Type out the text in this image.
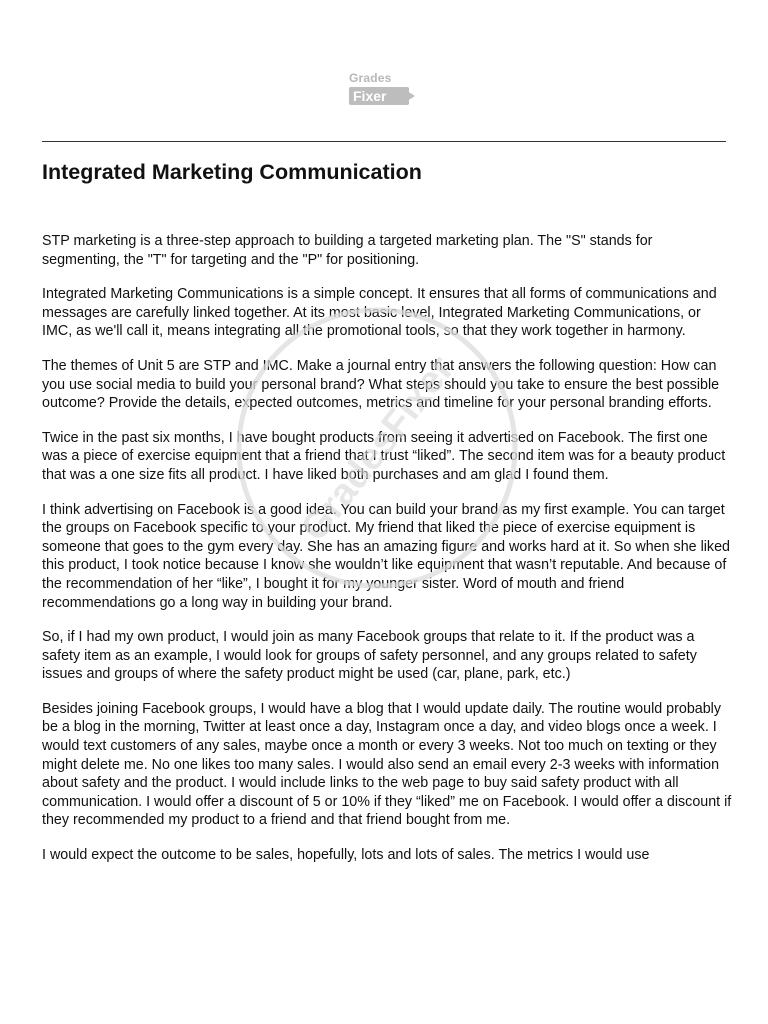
Grades
Fixer
Integrated Marketing Communication

STP marketing is a three-step approach to building a targeted marketing plan. The "S" stands for segmenting, the "T" for targeting and the "P" for positioning.

Integrated Marketing Communications is a simple concept. It ensures that all forms of communications and messages are carefully linked together. At its most basic level, Integrated Marketing Communications, or IMC, as we'll call it, means integrating all the promotional tools, so that they work together in harmony.

The themes of Unit 5 are STP and IMC. Make a journal entry that answers the following question: How can you use social media to build your personal brand? What steps should you take to ensure the best possible outcome? Provide the details, expected outcomes, metrics and timeline for your personal branding efforts.

Twice in the past six months, I have bought products from seeing it advertised on Facebook. The first one was a piece of exercise equipment that a friend that I trust “liked”. The second item was for a beauty product that was a one size fits all product. I have liked both purchases and am glad I found them.

I think advertising on Facebook is a good idea. You can build your brand as my first example. You can target the groups on Facebook specific to your product. My friend that liked the piece of exercise equipment is someone that goes to the gym every day. She has an amazing figure and works hard at it. So when she liked this product, I took notice because I know she wouldn’t like equipment that wasn’t reputable. And because of the recommendation of her “like”, I bought it for my younger sister. Word of mouth and friend recommendations go a long way in building your brand.

So, if I had my own product, I would join as many Facebook groups that relate to it. If the product was a safety item as an example, I would look for groups of safety personnel, and any groups related to safety issues and groups of where the safety product might be used (car, plane, park, etc.)

Besides joining Facebook groups, I would have a blog that I would update daily. The routine would probably be a blog in the morning, Twitter at least once a day, Instagram once a day, and video blogs once a week. I would text customers of any sales, maybe once a month or every 3 weeks. Not too much on texting or they might delete me. No one likes too many sales. I would also send an email every 2-3 weeks with information about safety and the product. I would include links to the web page to buy said safety product with all communication. I would offer a discount of 5 or 10% if they “liked” me on Facebook. I would offer a discount if they recommended my product to a friend and that friend bought from me.

I would expect the outcome to be sales, hopefully, lots and lots of sales. The metrics I would use

GradesFixer
